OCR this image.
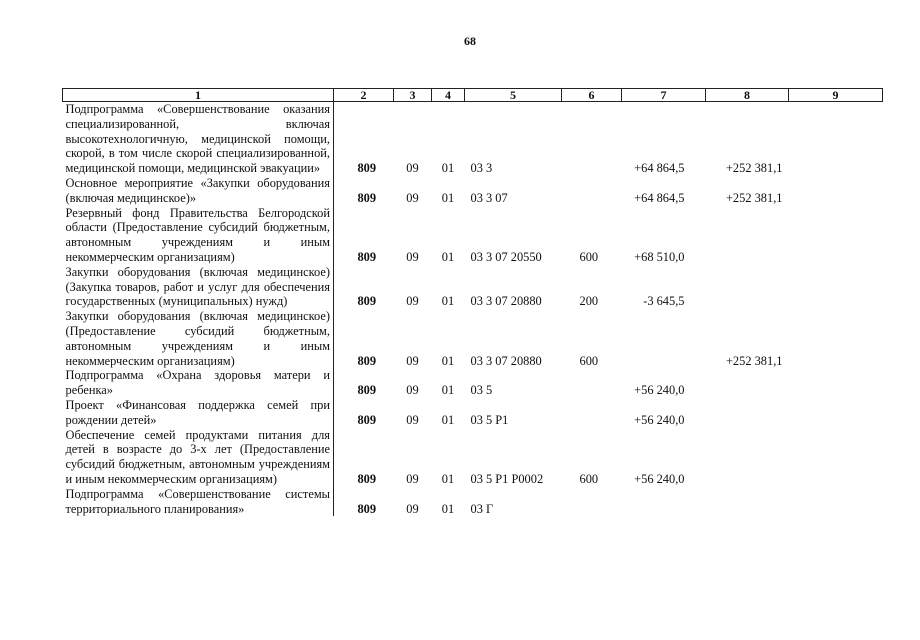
68
1	2	3	4	5	6	7	8	9
Подпрограмма «Совершенствование оказания специализированной, включая высокотехнологичную, медицинской помощи, скорой, в том числе скорой специализированной, медицинской помощи, медицинской эвакуации»	809	09	01	03 3		+64 864,5	+252 381,1	
Основное мероприятие «Закупки оборудования (включая медицинское)»	809	09	01	03 3 07		+64 864,5	+252 381,1	
Резервный фонд Правительства Белгородской области (Предоставление субсидий бюджетным, автономным учреждениям и иным некоммерческим организациям)	809	09	01	03 3 07 20550	600	+68 510,0		
Закупки оборудования (включая медицинское) (Закупка товаров, работ и услуг для обеспечения государственных (муниципальных) нужд)	809	09	01	03 3 07 20880	200	-3 645,5		
Закупки оборудования (включая медицинское) (Предоставление субсидий бюджетным, автономным учреждениям и иным некоммерческим организациям)	809	09	01	03 3 07 20880	600		+252 381,1	
Подпрограмма «Охрана здоровья матери и ребенка»	809	09	01	03 5		+56 240,0		
Проект «Финансовая поддержка семей при рождении детей»	809	09	01	03 5 P1		+56 240,0		
Обеспечение семей продуктами питания для детей в возрасте до 3-х лет (Предоставление субсидий бюджетным, автономным учреждениям и иным некоммерческим организациям)	809	09	01	03 5 P1 P0002	600	+56 240,0		
Подпрограмма «Совершенствование системы территориального планирования»	809	09	01	03 Г				
